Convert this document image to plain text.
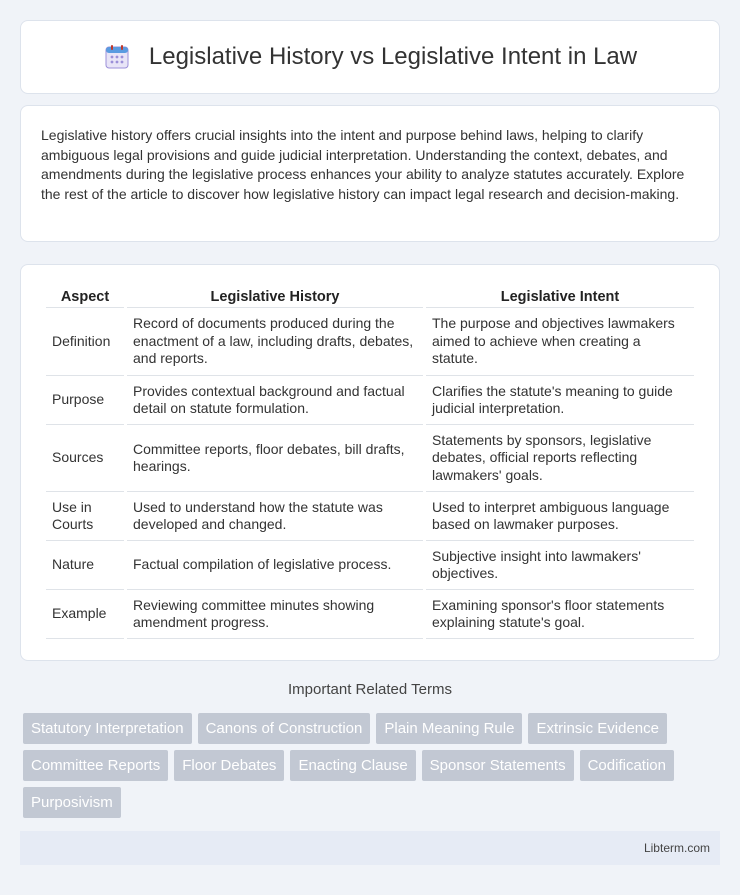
Legislative History vs Legislative Intent in Law

Legislative history offers crucial insights into the intent and purpose behind laws, helping to clarify ambiguous legal provisions and guide judicial interpretation. Understanding the context, debates, and amendments during the legislative process enhances your ability to analyze statutes accurately. Explore the rest of the article to discover how legislative history can impact legal research and decision-making.

Aspect	Legislative History	Legislative Intent
Definition	Record of documents produced during the enactment of a law, including drafts, debates, and reports.	The purpose and objectives lawmakers aimed to achieve when creating a statute.
Purpose	Provides contextual background and factual detail on statute formulation.	Clarifies the statute's meaning to guide judicial interpretation.
Sources	Committee reports, floor debates, bill drafts, hearings.	Statements by sponsors, legislative debates, official reports reflecting lawmakers' goals.
Use in Courts	Used to understand how the statute was developed and changed.	Used to interpret ambiguous language based on lawmaker purposes.
Nature	Factual compilation of legislative process.	Subjective insight into lawmakers' objectives.
Example	Reviewing committee minutes showing amendment progress.	Examining sponsor's floor statements explaining statute's goal.
Important Related Terms
Statutory Interpretation	Canons of Construction	Plain Meaning Rule	Extrinsic Evidence
Committee Reports	Floor Debates	Enacting Clause	Sponsor Statements	Codification
Purposivism
Libterm.com
